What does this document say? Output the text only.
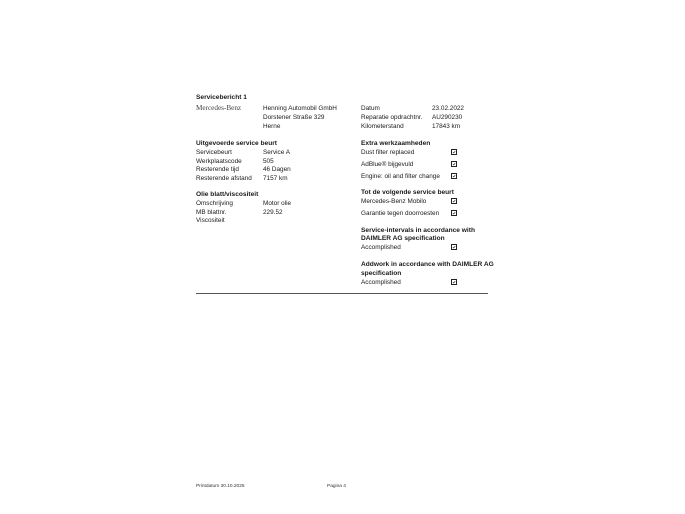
Servicebericht 1
Mercedes-Benz	Henning Automobil GmbH
Dorstener Straße 329
Herne
Datum	23.02.2022
Reparatie opdrachtnr. AU290230
Kilometerstand	17843 km
Uitgevoerde service beurt
Servicebeurt	Service A
Werkplaatscode	505
Resterende tijd	46 Dagen
Resterende afstand 7157 km
Olie blatt/viscositeit
Omschrijving	Motor olie
MB blattnr.	229.52
Viscositeit
Extra werkzaamheden
Dust filter replaced
AdBlue® bijgevuld
Engine: oil and filter change
Tot de volgende service beurt
Mercedes-Benz Mobilo
Garantie tegen doorroesten
Service-intervals in accordance with
DAIMLER AG specification
Accomplished
Addwork in accordance with DAIMLER AG
specification
Accomplished
Printdatum 30.10.2025	Pagina 4
